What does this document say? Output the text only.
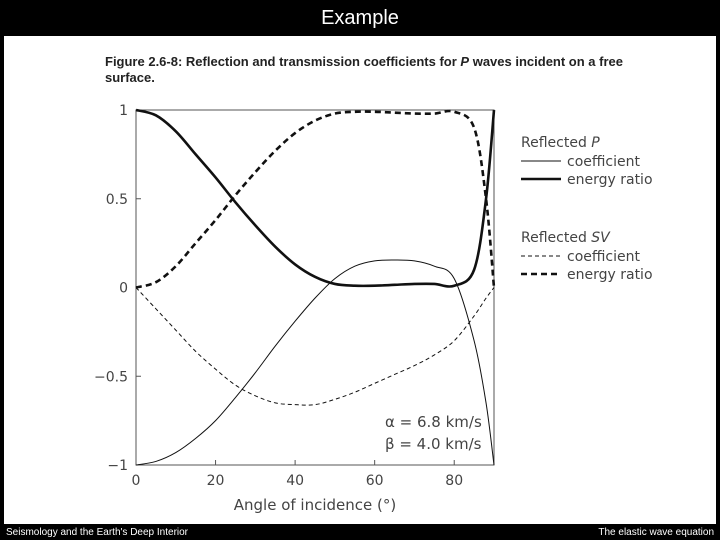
Example
Figure 2.6-8: Reflection and transmission coefficients for P waves incident on a free surface.
0	20	40	60	80
1
0.5
0
−0.5
−1
Angle of incidence (°)
α = 6.8 km/s
β = 4.0 km/s
Reflected P
coefficient
energy ratio
Reflected SV
coefficient
energy ratio
Seismology and the Earth's Deep Interior	The elastic wave equation
